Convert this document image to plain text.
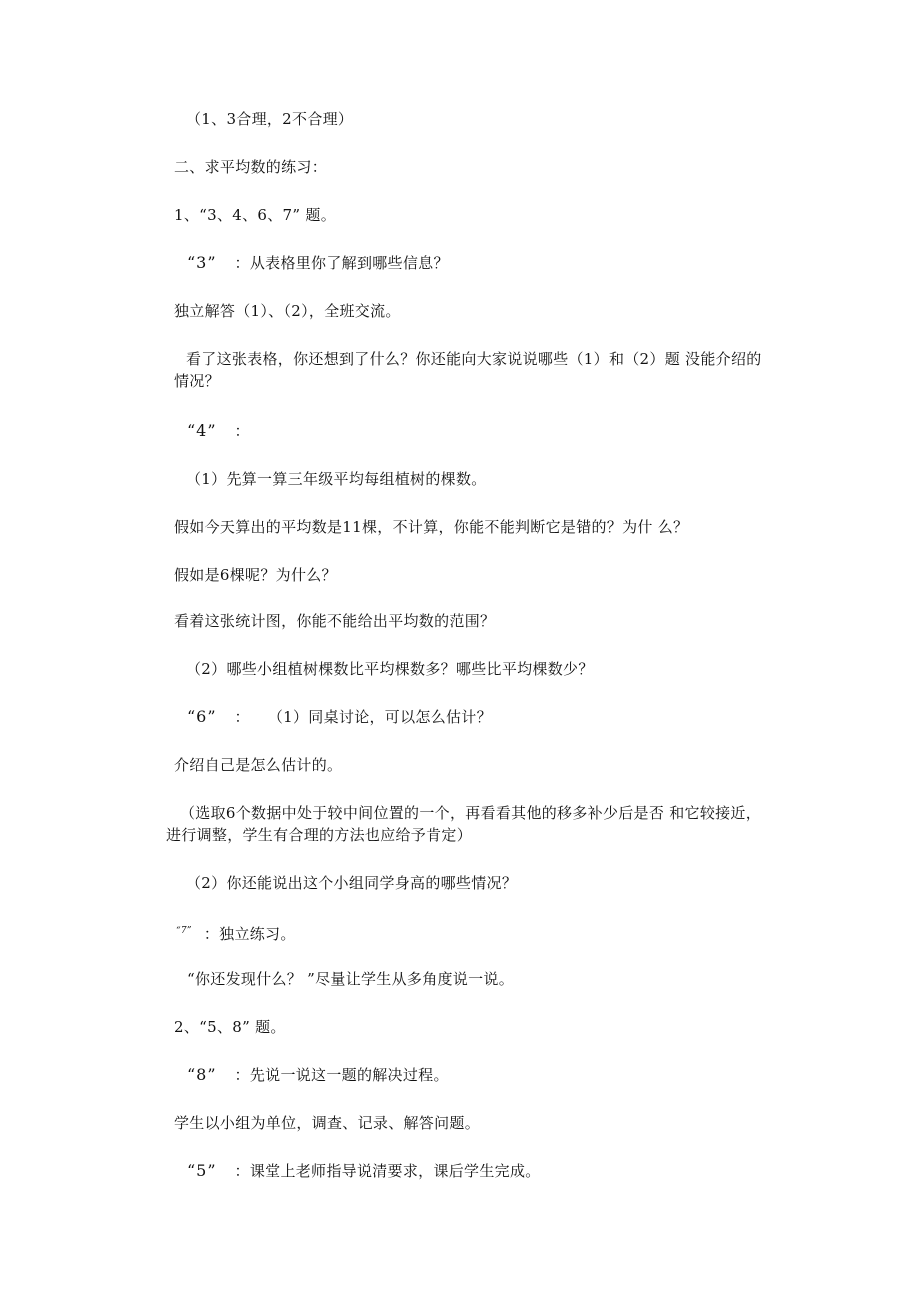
（1、3合理，2不合理）
二、求平均数的练习：
1、“3、4、6、7” 题。
“3” ：从表格里你了解到哪些信息？
独立解答（1）、（2），全班交流。
看了这张表格，你还想到了什么？你还能向大家说说哪些（1）和（2）题 没能介绍的
情况？
“4” ：
（1）先算一算三年级平均每组植树的棵数。
假如今天算出的平均数是11棵，不计算，你能不能判断它是错的？为什 么？
假如是6棵呢？为什么？
看着这张统计图，你能不能给出平均数的范围？
（2）哪些小组植树棵数比平均棵数多？哪些比平均棵数少？
“6” ： （1）同桌讨论，可以怎么估计？
介绍自己是怎么估计的。
（选取6个数据中处于较中间位置的一个，再看看其他的移多补少后是否 和它较接近，
进行调整，学生有合理的方法也应给予肯定）
（2）你还能说出这个小组同学身高的哪些情况？
$^{“7”}$ ：独立练习。
“你还发现什么？ ”尽量让学生从多角度说一说。
2、“5、8” 题。
“8” ：先说一说这一题的解决过程。
学生以小组为单位，调查、记录、解答问题。
“5” ：课堂上老师指导说清要求，课后学生完成。
